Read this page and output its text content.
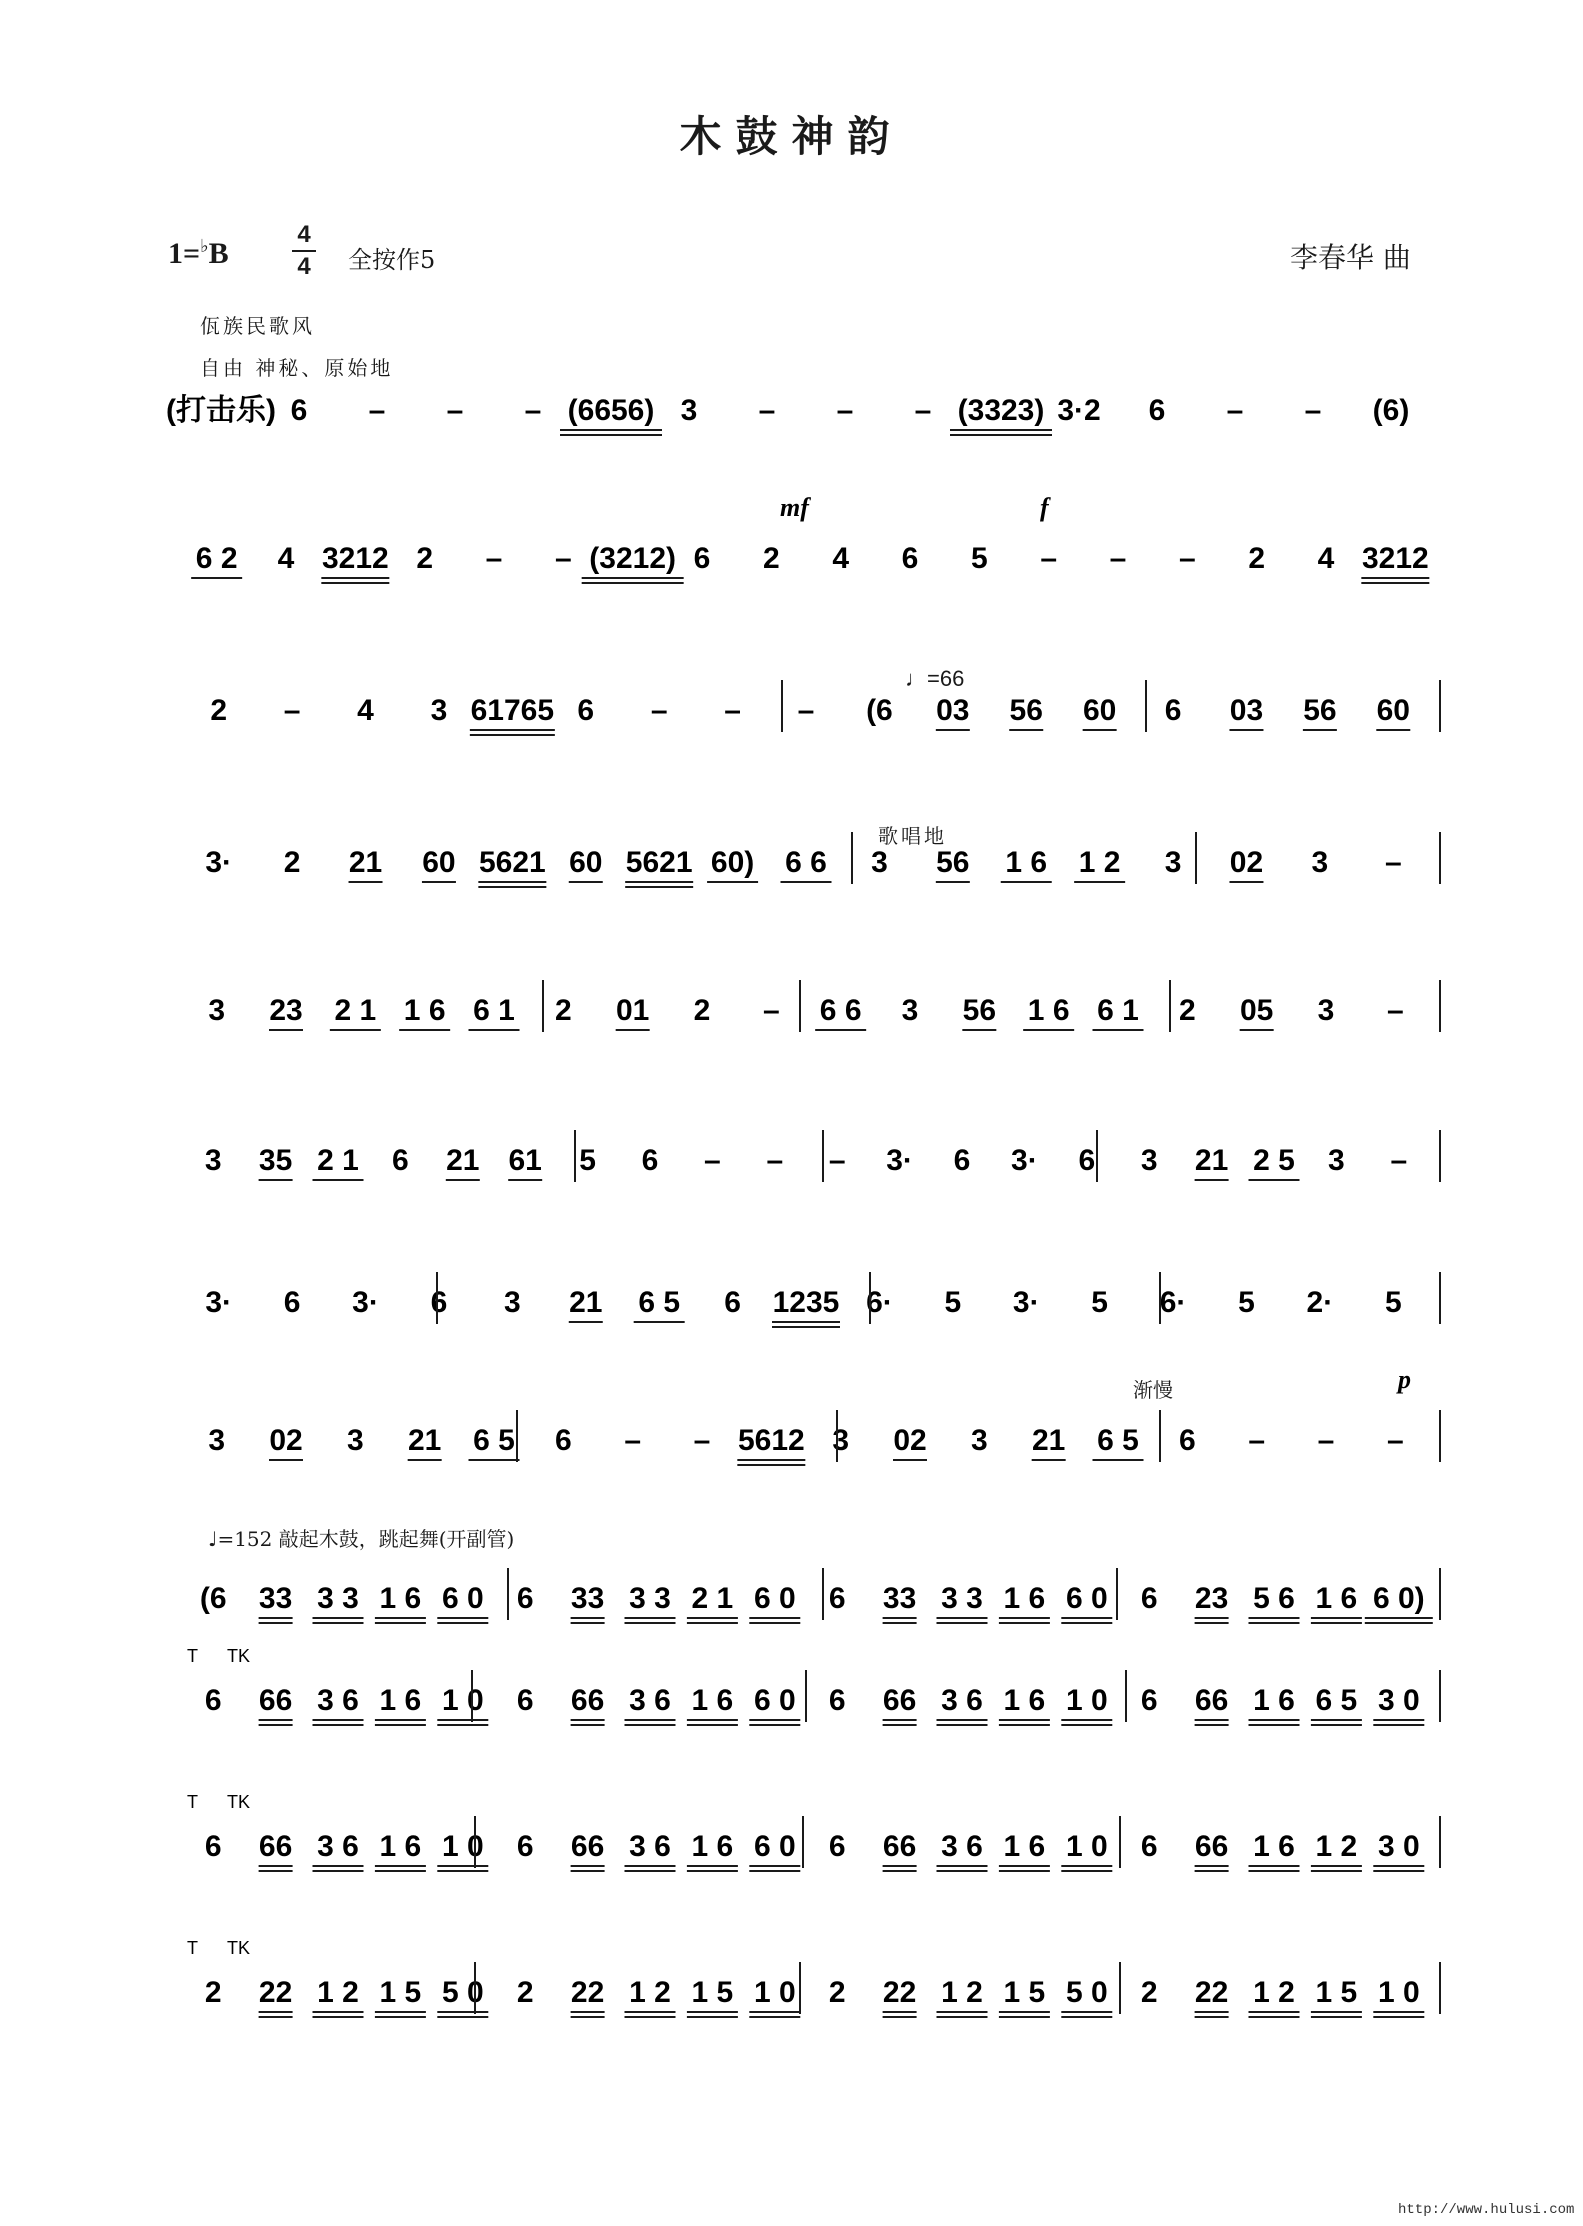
木鼓神韵
1=♭B
4
4 全按作5	李春华 曲
佤族民歌风
自由 神秘、原始地
(打击乐) 6 – – – (6656) 3 – – – (3323) 3·2 6 – – (6)
6 2 4 3212 2 – – (3212) 6 2 4 6 5 – – – 2 4 3212
mf	f
2 – 4 3 61765 6 – – – (6 03 56 60 6 03 56 60
3· 2 21 60 5621 60 5621 60) 6 6 3 56 1 6 1 2 3 02 3 –
3 23 2 1 1 6 6 1 2 01 2 – 6 6 3 56 1 6 6 1 2 05 3 –
3 35 2 1 6 21 61 5 6 – – – 3· 6 3· 6 3 21 2 5 3 –
3· 6 3· 6 3 21 6 5 6 1235 6· 5 3· 5 6· 5 2· 5
3 02 3 21 6 5 6 – – 5612 3 02 3 21 6 5 6 – – –
p
(6 33 3 3 1 6 6 0 6 33 3 3 2 1 6 0 6 33 3 3 1 6 6 0 6 23 5 6 1 6 6 0)
6 66 3 6 1 6 1 0 6 66 3 6 1 6 6 0 6 66 3 6 1 6 1 0 6 66 1 6 6 5 3 0
T TK
6 66 3 6 1 6 1 0 6 66 3 6 1 6 6 0 6 66 3 6 1 6 1 0 6 66 1 6 1 2 3 0
T TK
2 22 1 2 1 5 5 0 2 22 1 2 1 5 1 0 2 22 1 2 1 5 5 0 2 22 1 2 1 5 1 0
T TK
♩=66
歌唱地
渐慢
♩=152 敲起木鼓，跳起舞(开副管)
http://www.hulusi.com
